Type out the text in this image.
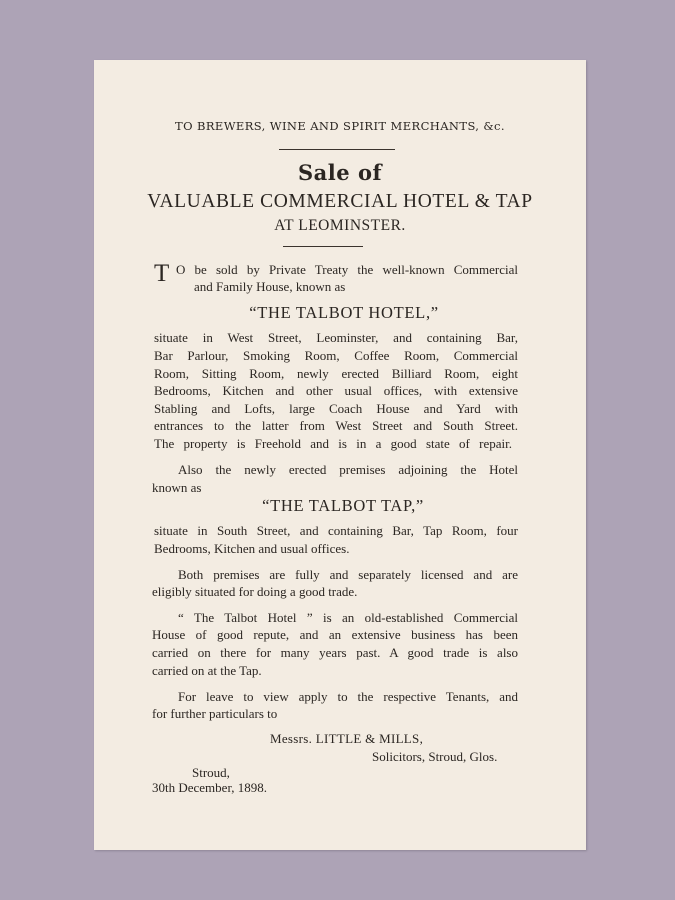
TO BREWERS, WINE AND SPIRIT MERCHANTS, &c.
Sale of
VALUABLE COMMERCIAL HOTEL & TAP
AT LEOMINSTER.
T O be sold by Private Treaty the well-known Commercial
and Family House, known as
“THE TALBOT HOTEL,”
situate in West Street, Leominster, and containing Bar,
Bar Parlour, Smoking Room, Coffee Room, Commercial
Room, Sitting Room, newly erected Billiard Room, eight
Bedrooms, Kitchen and other usual offices, with extensive
Stabling and Lofts, large Coach House and Yard with
entrances to the latter from West Street and South Street.
The property is Freehold and is in a good state of repair.
Also the newly erected premises adjoining the Hotel
known as
“THE TALBOT TAP,”
situate in South Street, and containing Bar, Tap Room, four
Bedrooms, Kitchen and usual offices.
Both premises are fully and separately licensed and are
eligibly situated for doing a good trade.
“ The Talbot Hotel ” is an old-established Commercial
House of good repute, and an extensive business has been
carried on there for many years past. A good trade is also
carried on at the Tap.
For leave to view apply to the respective Tenants, and
for further particulars to
Messrs. LITTLE & MILLS,
Solicitors, Stroud, Glos.
Stroud,
30th December, 1898.
